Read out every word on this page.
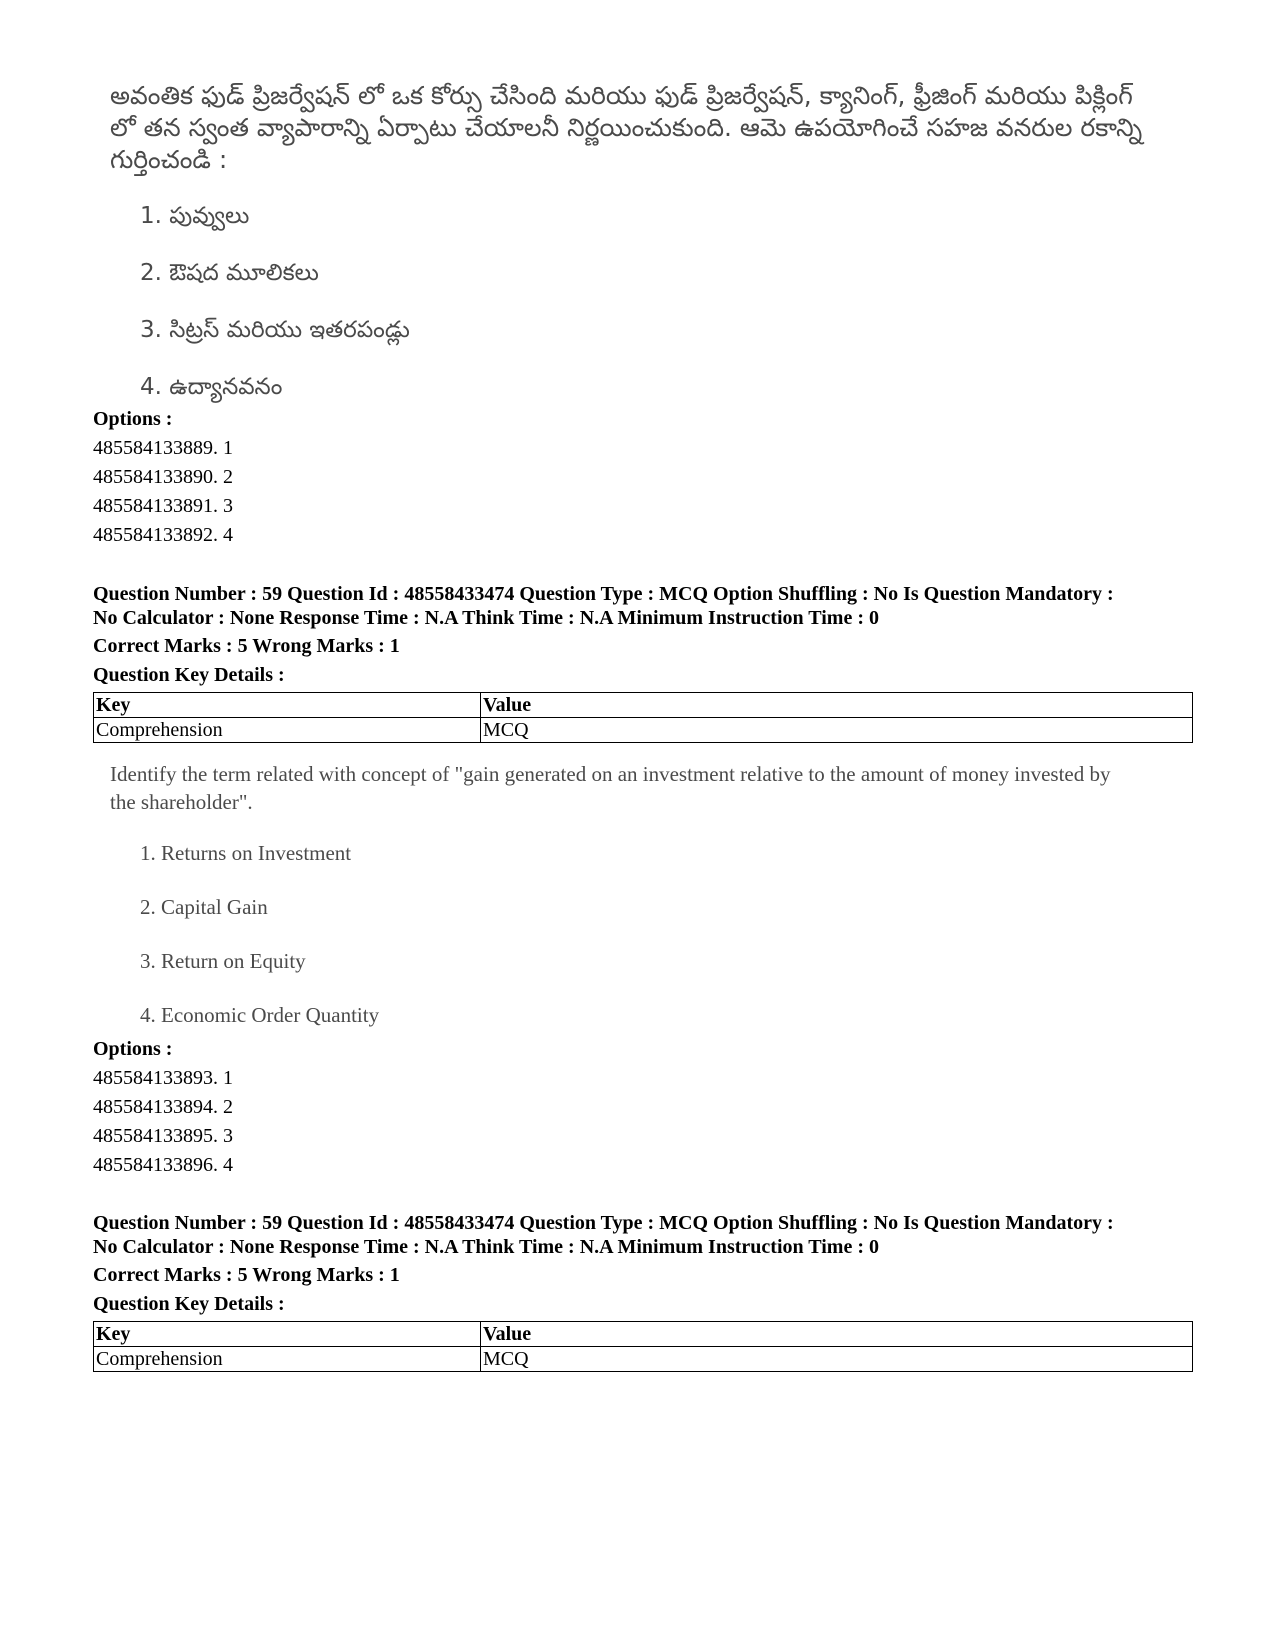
అవంతిక ఫుడ్ ప్రిజర్వేషన్ లో ఒక కోర్సు చేసింది మరియు ఫుడ్ ప్రిజర్వేషన్, క్యానింగ్, ఫ్రీజింగ్ మరియు పిక్లింగ్ లో తన స్వంత వ్యాపారాన్ని ఏర్పాటు చేయాలనీ నిర్ణయించుకుంది. ఆమె ఉపయోగించే సహజ వనరుల రకాన్ని గుర్తించండి :
1. పువ్వులు
2. ఔషద మూలికలు
3. సిట్రస్ మరియు ఇతరపండ్లు
4. ఉద్యానవనం
Options :
485584133889. 1
485584133890. 2
485584133891. 3
485584133892. 4
Question Number : 59 Question Id : 48558433474 Question Type : MCQ Option Shuffling : No Is Question Mandatory :
No Calculator : None Response Time : N.A Think Time : N.A Minimum Instruction Time : 0
Correct Marks : 5 Wrong Marks : 1
Question Key Details :
Key	Value
Comprehension	MCQ
Identify the term related with concept of "gain generated on an investment relative to the amount of money invested by the shareholder".
1. Returns on Investment
2. Capital Gain
3. Return on Equity
4. Economic Order Quantity
Options :
485584133893. 1
485584133894. 2
485584133895. 3
485584133896. 4
Question Number : 59 Question Id : 48558433474 Question Type : MCQ Option Shuffling : No Is Question Mandatory :
No Calculator : None Response Time : N.A Think Time : N.A Minimum Instruction Time : 0
Correct Marks : 5 Wrong Marks : 1
Question Key Details :
Key	Value
Comprehension	MCQ
